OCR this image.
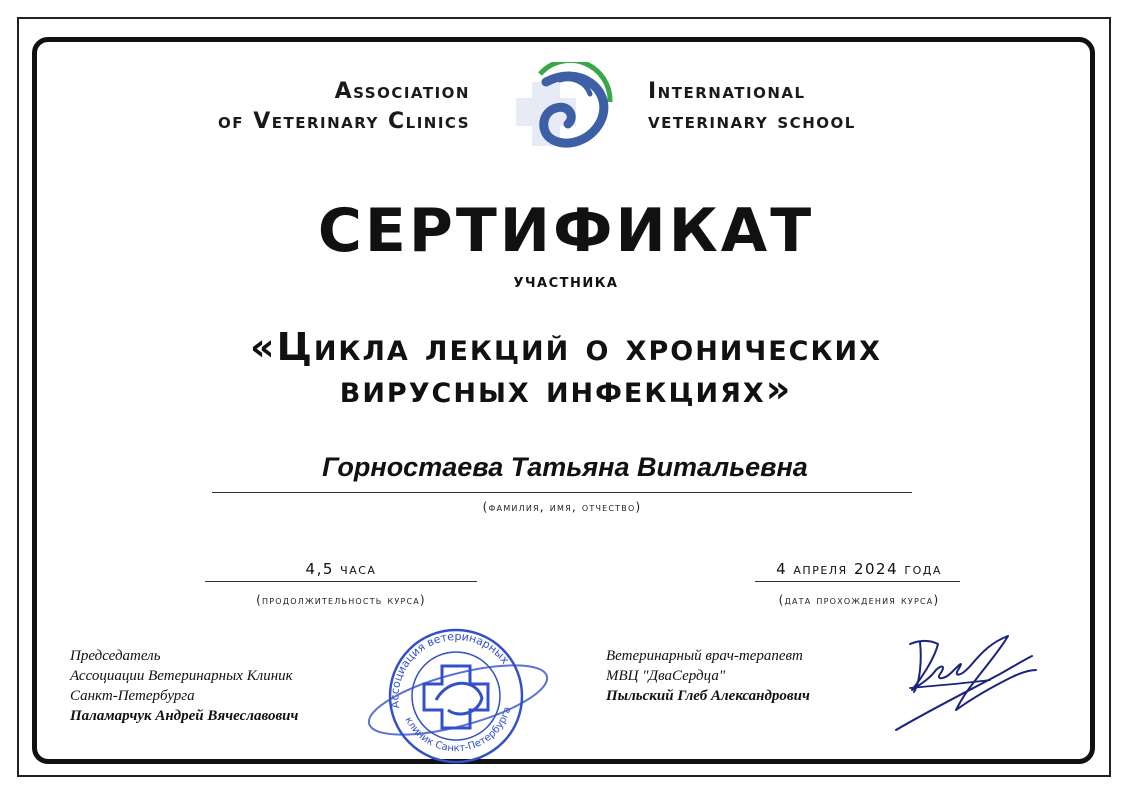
Association
of Veterinary Clinics
International
veterinary school
СЕРТИФИКАТ
участника
«Цикла лекций о хронических
вирусных инфекциях»
Горностаева Татьяна Витальевна
(фамилия, имя, отчество)
4,5 часа
(продолжительность курса)
4 апреля 2024 года
(дата прохождения курса)
Председатель
Ассоциации Ветеринарных Клиник
Санкт-Петербурга
Паламарчук Андрей Вячеславович
Ассоциация ветеринарных
клиник Санкт-Петербурга
Ветеринарный врач-терапевт
МВЦ "ДваСердца"
Пыльский Глеб Александрович
